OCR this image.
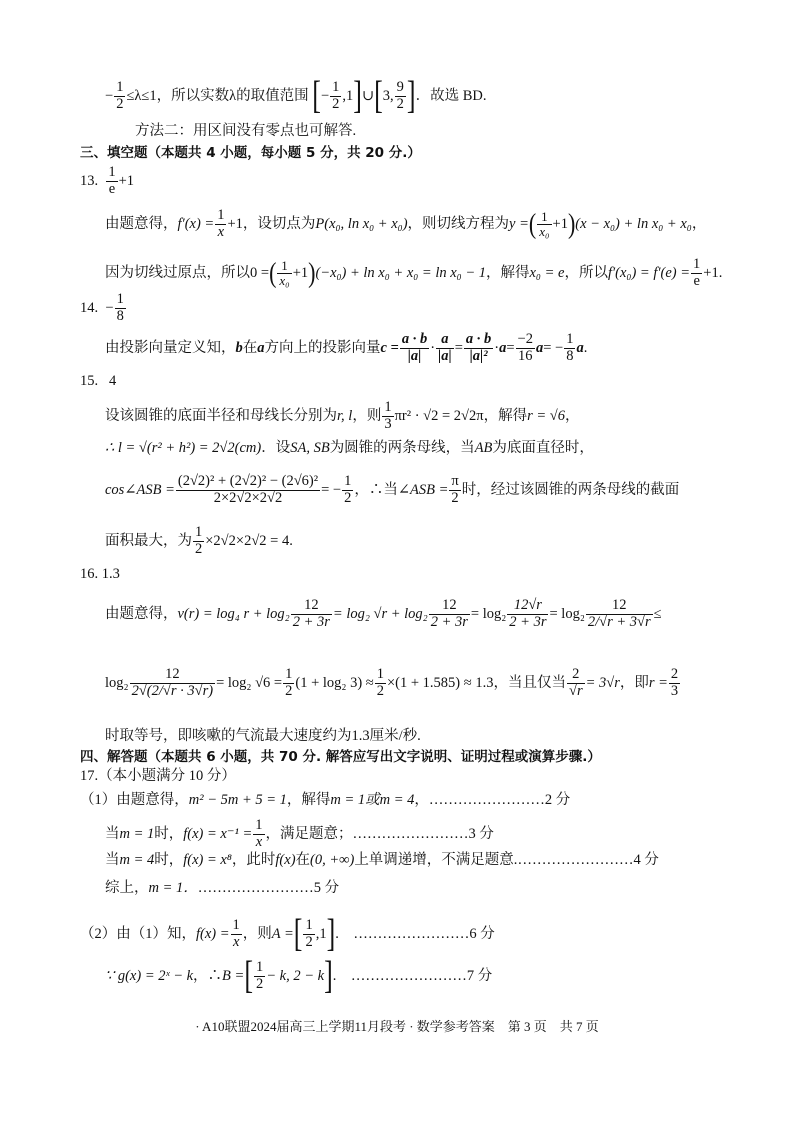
− $\frac{1}{2} \le\lambda\le 1$，所以实数λ的取值范围 [− $\frac{1}{2}$ ,1]∪[3, $\frac{9}{2}$ ]．故选 BD.
方法二：用区间没有零点也可解答.
三、填空题（本题共 4 小题，每小题 5 分，共 20 分.）
13. $\frac{1}{e} +1$
由题意得，$f'(x) = \frac{1}{x} +1$，设切点为P(x₀, ln x₀ + x₀)，则切线方程为y =( $\frac{1}{\text{x₀}} +1)(x - x_0) + \ln x_0 + x_0$，
因为切线过原点，所以0 =( $\frac{1}{\text{x₀}} +1)(-x_0) + \ln x_0 + x_0 = \ln x_0 - 1$，解得x₀ = e，所以$f'(x_0) = f'(e) = \frac{1}{e} +1$.
14. − $\frac{1}{8}$
由投影向量定义知，b在a方向上的投影向量$c = \frac{a \cdot b}{|a|} \cdot \frac{a}{|a|} = \frac{a \cdot b}{\text{|a|²}} \cdot a= \frac{-2}{16} a= - \frac{1}{8} a$.
15. 4
设该圆锥的底面半径和母线长分别为r, l，则 $\frac{1}{3} \pi r^2 \cdot √2 = 2√2\pi$，解得r = √6，
∴ l = √(r² + h²) = 2√2(cm)．设SA, SB为圆锥的两条母线，当AB为底面直径时，
cos∠ASB = $\frac{\text{(2√2)² + (2√2)² − (2√6)²}}{2\times 2√2\times 2√2}$ = − $\frac{1}{2}$ ，∴当∠ASB = $\frac{\pi}{2}$ 时，经过该圆锥的两条母线的截面
面积最大，为 $\frac{1}{2} \times 2√2\times 2√2 = 4$.
16. 1.3
由题意得，v(r) = log₄ $r + \log_2 \frac{12}{2 + 3r} = \log_2$ $√r + \log_2 \frac{12}{2 + 3r} = \log_2 \frac{12√r}{2 + 3r} = \log_2 \frac{12}{2/√r + 3√r}$ ≤
$\log_2 \frac{12}{2√(2/√r \cdot 3√r)} = \log_2$ $√6 = \frac{1}{2} (1 + \log_2$ $3) \approx \frac{1}{2} \times(1 + 1.585) \approx 1.3$，当且仅当 $\frac{2}{√r} = 3√r$，即$r = \frac{2}{3}$
时取等号，即咳嗽的气流最大速度约为1.3厘米/秒.
四、解答题（本题共 6 小题，共 70 分. 解答应写出文字说明、证明过程或演算步骤.）
17.（本小题满分 10 分）
（1）由题意得，m² − 5m + 5 = 1，解得m = 1或m = 4，……………………2 分
当m = 1时，$f(x) = x^{-1} = \frac{1}{x}$ ，满足题意；……………………3 分
当m = 4时，f(x) = x⁸，此时f(x)在(0, +∞)上单调递增，不满足题意.……………………4 分
综上，m = 1．……………………5 分
（2）由（1）知，$f(x) = \frac{1}{x}$ ，则A =[ $\frac{1}{2} ,1$].    ……………………6 分
∵ g(x) = 2ˣ − k，∴B =[ $\frac{1}{2} - k$, 2 − k].    ……………………7 分
· A10联盟2024届高三上学期11月段考 · 数学参考答案　第 3 页　共 7 页
